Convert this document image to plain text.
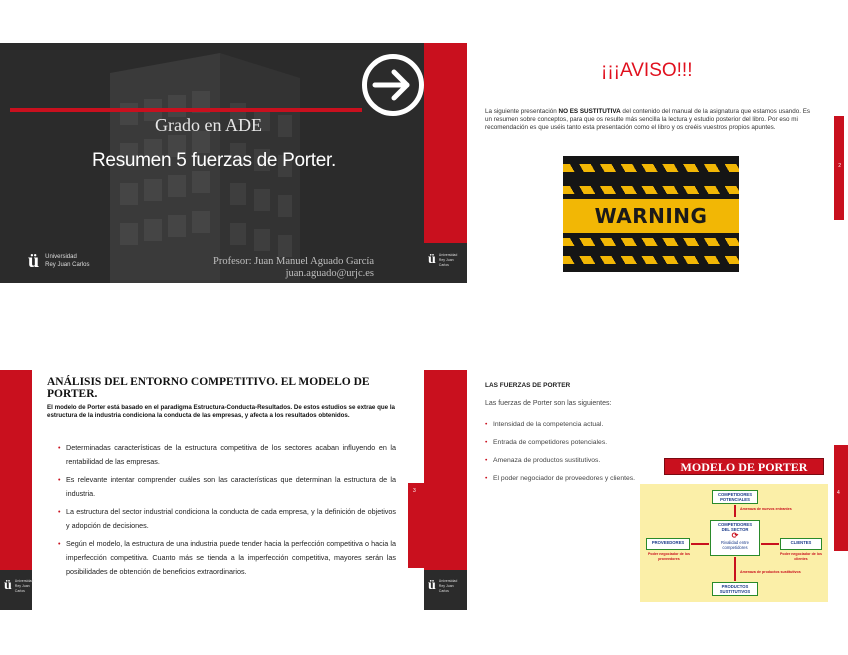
Grado en ADE
Resumen 5 fuerzas de Porter.
ü Universidad
Rey Juan Carlos	Profesor: Juan Manuel Aguado García
juan.aguado@urjc.es
ü Universidad
Rey Juan Carlos
¡¡¡AVISO!!!
La siguiente presentación NO ES SUSTITUTIVA del contenido del manual de la asignatura que estamos usando. Es un resumen sobre conceptos, para que os resulte más sencilla la lectura y estudio posterior del libro. Por eso mi recomendación es que uséis tanto esta presentación como el libro y os creéis vuestros propios apuntes.
WARNING
2
ü Universidad
Rey Juan Carlos
ANÁLISIS DEL ENTORNO COMPETITIVO. EL MODELO DE PORTER.
El modelo de Porter está basado en el paradigma Estructura-Conducta-Resultados. De estos estudios se extrae que la estructura de la industria condiciona la conducta de las empresas, y afecta a los resultados obtenidos.
• Determinadas características de la estructura competitiva de los sectores acaban influyendo en la rentabilidad de las empresas.
• Es relevante intentar comprender cuáles son las características que determinan la estructura de la industria.
• La estructura del sector industrial condiciona la conducta de cada empresa, y la definición de objetivos y adopción de decisiones.
• Según el modelo, la estructura de una industria puede tender hacia la perfección competitiva o hacia la imperfección competitiva. Cuanto más se tienda a la imperfección competitiva, mayores serán las posibilidades de obtención de beneficios extraordinarios.
3
ü Universidad
Rey Juan Carlos
LAS FUERZAS DE PORTER
Las fuerzas de Porter son las siguientes:
• Intensidad de la competencia actual.
• Entrada de competidores potenciales.
• Amenaza de productos sustitutivos.
• El poder negociador de proveedores y clientes.
4
MODELO DE PORTER
COMPETIDORES POTENCIALES
Amenaza de nuevos entrantes
COMPETIDORES
DEL SECTOR
⟳
Rivalidad entre
competidores
PROVEEDORES
Poder negociador de los proveedores
CLIENTES
Poder negociador de los clientes
Amenaza de productos sustitutivos
PRODUCTOS SUSTITUTIVOS
